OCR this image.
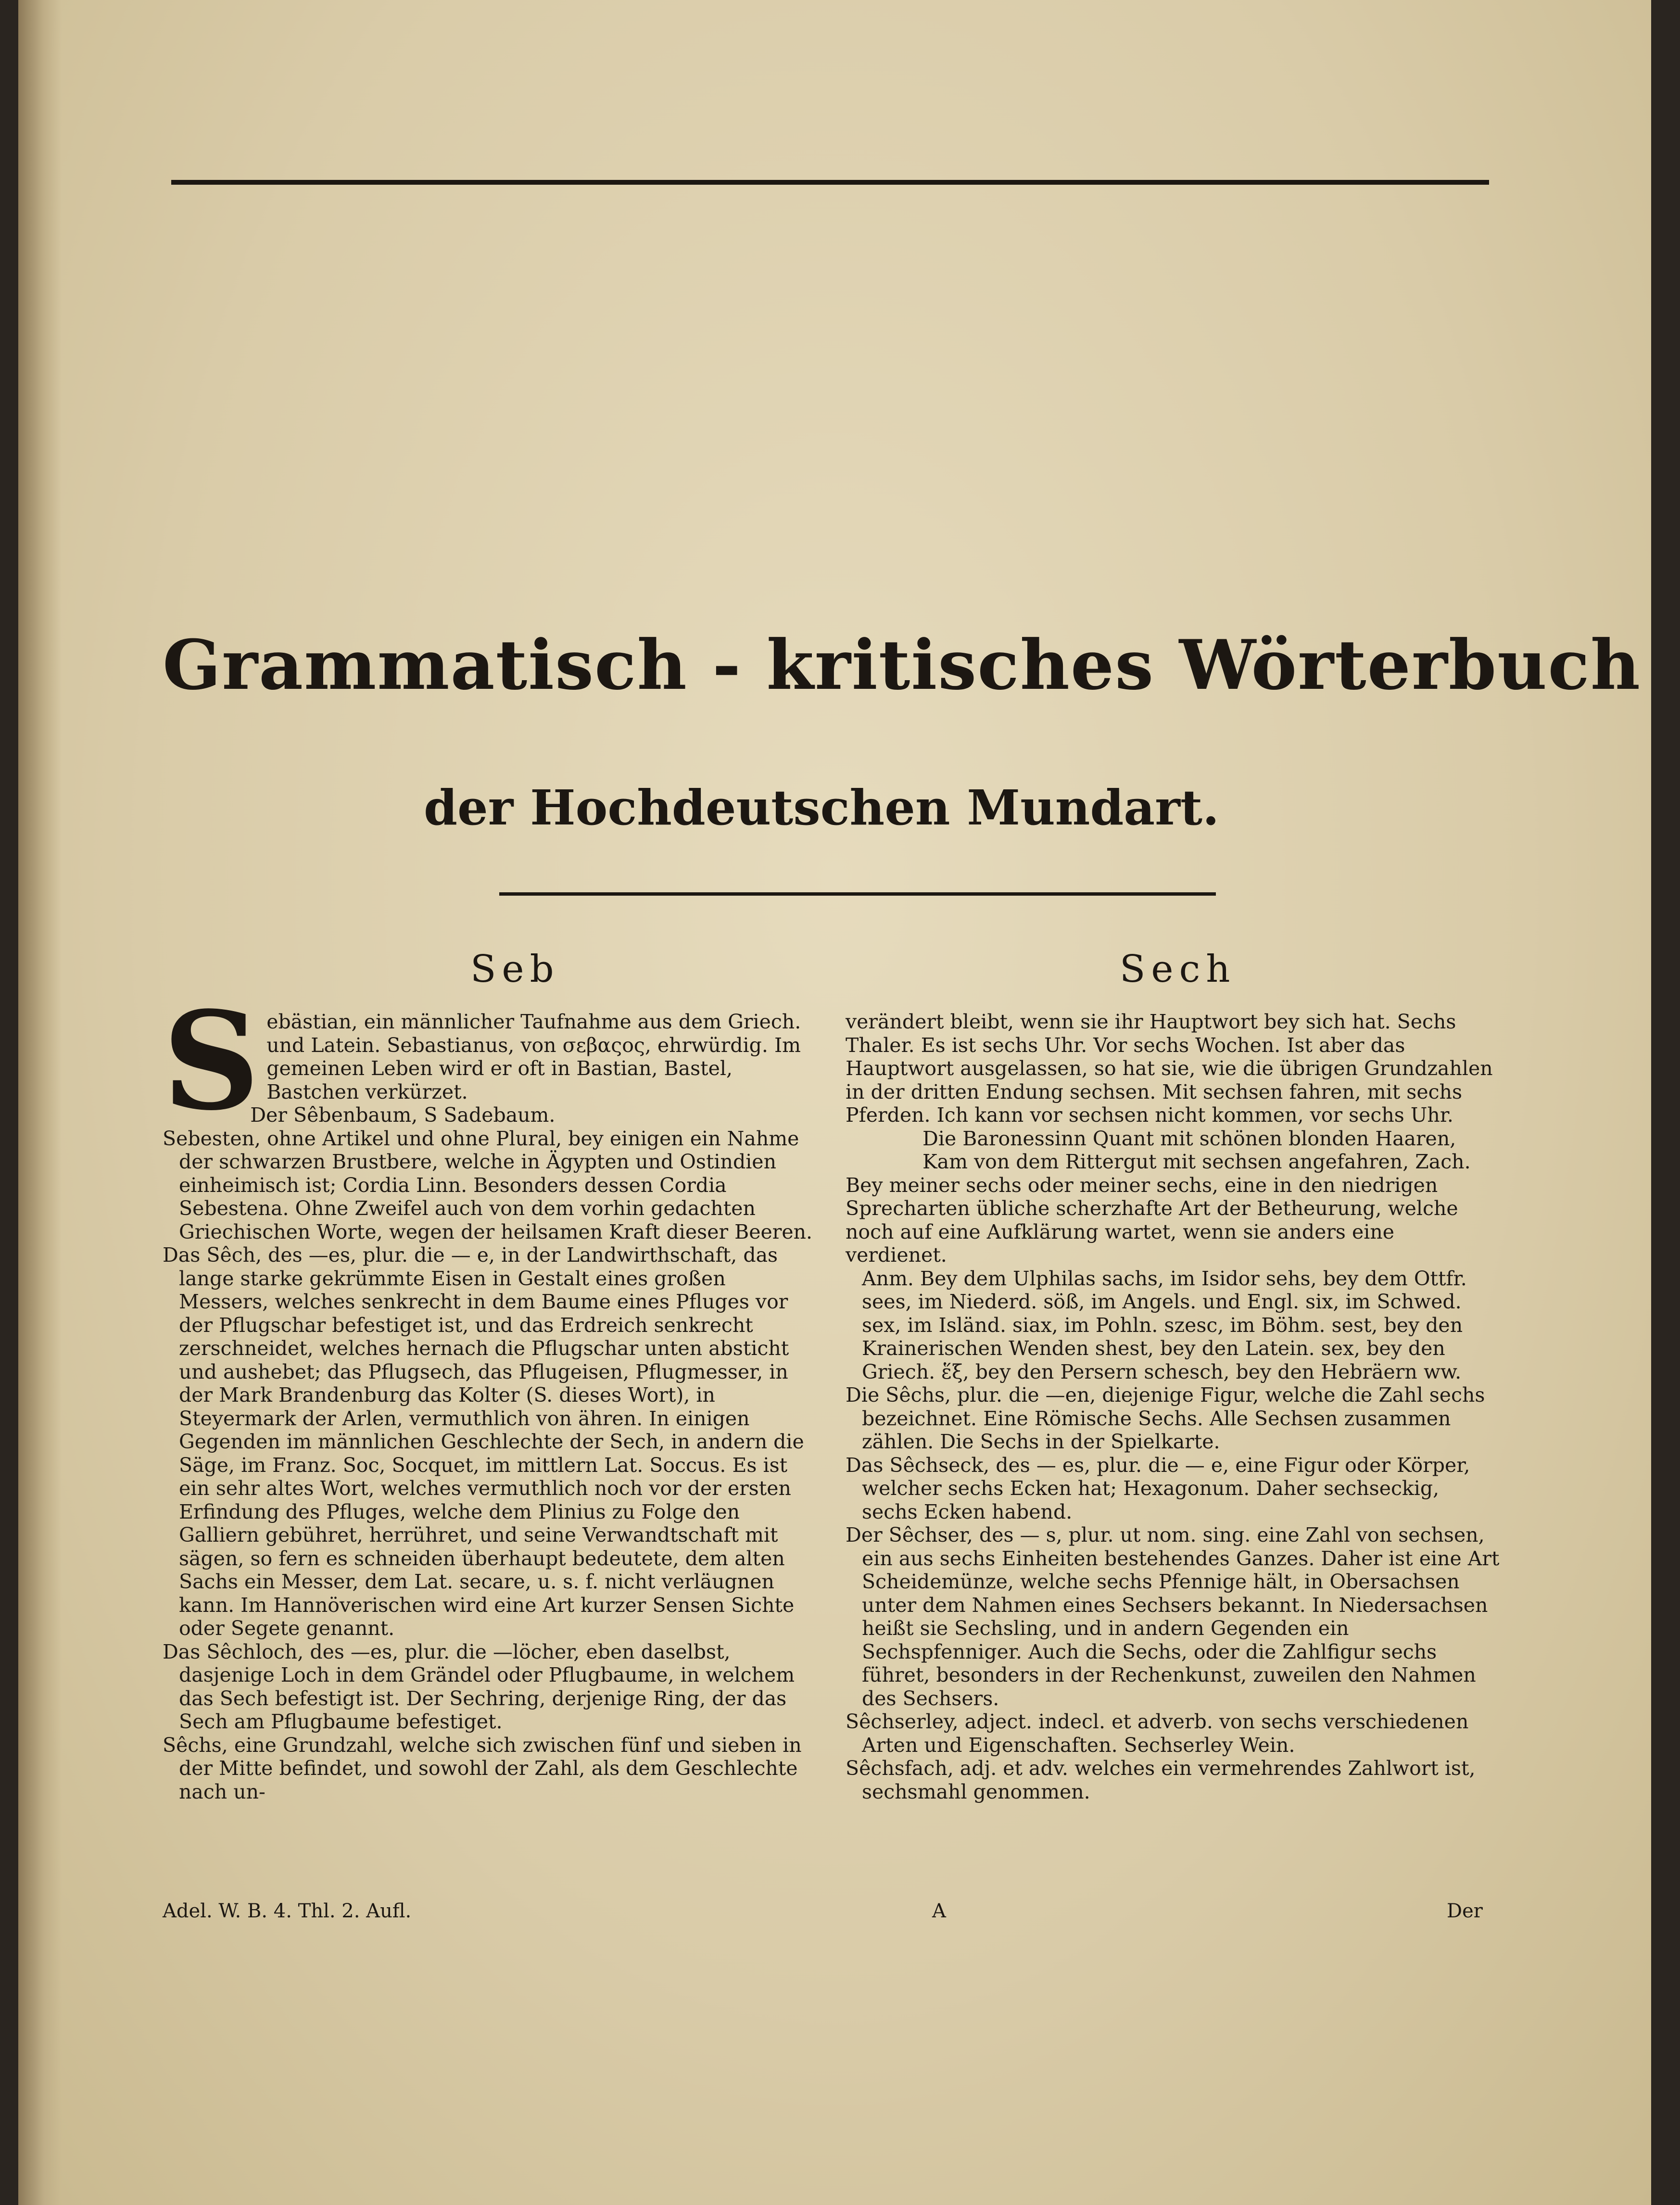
Grammatisch - kritisches Wörterbuch
der Hochdeutschen Mundart.
Seb	Sech

Sebästian, ein männlicher Taufnahme aus dem Griech. und Latein. Sebastianus, von σεβαςος, ehrwürdig. Im gemeinen Leben wird er oft in Bastian, Bastel, Bastchen verkürzet.

Der Sêbenbaum, S Sadebaum.

Sebesten, ohne Artikel und ohne Plural, bey einigen ein Nahme der schwarzen Brustbere, welche in Ägypten und Ostindien einheimisch ist; Cordia Linn. Besonders dessen Cordia Sebestena. Ohne Zweifel auch von dem vorhin gedachten Griechischen Worte, wegen der heilsamen Kraft dieser Beeren.

Das Sêch, des —es, plur. die — e, in der Landwirthschaft, das lange starke gekrümmte Eisen in Gestalt eines großen Messers, welches senkrecht in dem Baume eines Pfluges vor der Pflugschar befestiget ist, und das Erdreich senkrecht zerschneidet, welches hernach die Pflugschar unten absticht und aushebet; das Pflugsech, das Pflugeisen, Pflugmesser, in der Mark Brandenburg das Kolter (S. dieses Wort), in Steyermark der Arlen, vermuthlich von ähren. In einigen Gegenden im männlichen Geschlechte der Sech, in andern die Säge, im Franz. Soc, Socquet, im mittlern Lat. Soccus. Es ist ein sehr altes Wort, welches vermuthlich noch vor der ersten Erfindung des Pfluges, welche dem Plinius zu Folge den Galliern gebühret, herrühret, und seine Verwandtschaft mit sägen, so fern es schneiden überhaupt bedeutete, dem alten Sachs ein Messer, dem Lat. secare, u. s. f. nicht verläugnen kann. Im Hannöverischen wird eine Art kurzer Sensen Sichte oder Segete genannt.

Das Sêchloch, des —es, plur. die —löcher, eben daselbst, dasjenige Loch in dem Grändel oder Pflugbaume, in welchem das Sech befestigt ist. Der Sechring, derjenige Ring, der das Sech am Pflugbaume befestiget.

Sêchs, eine Grundzahl, welche sich zwischen fünf und sieben in der Mitte befindet, und sowohl der Zahl, als dem Geschlechte nach un-

verändert bleibt, wenn sie ihr Hauptwort bey sich hat. Sechs Thaler. Es ist sechs Uhr. Vor sechs Wochen. Ist aber das Hauptwort ausgelassen, so hat sie, wie die übrigen Grundzahlen in der dritten Endung sechsen. Mit sechsen fahren, mit sechs Pferden. Ich kann vor sechsen nicht kommen, vor sechs Uhr.

Die Baronessinn Quant mit schönen blonden Haaren,

Kam von dem Rittergut mit sechsen angefahren, Zach.

Bey meiner sechs oder meiner sechs, eine in den niedrigen Sprecharten übliche scherzhafte Art der Betheurung, welche noch auf eine Aufklärung wartet, wenn sie anders eine verdienet.

Anm. Bey dem Ulphilas sachs, im Isidor sehs, bey dem Ottfr. sees, im Niederd. söß, im Angels. und Engl. six, im Schwed. sex, im Isländ. siax, im Pohln. szesc, im Böhm. sest, bey den Krainerischen Wenden shest, bey den Latein. sex, bey den Griech. ἕξ, bey den Persern schesch, bey den Hebräern ww.

Die Sêchs, plur. die —en, diejenige Figur, welche die Zahl sechs bezeichnet. Eine Römische Sechs. Alle Sechsen zusammen zählen. Die Sechs in der Spielkarte.

Das Sêchseck, des — es, plur. die — e, eine Figur oder Körper, welcher sechs Ecken hat; Hexagonum. Daher sechseckig, sechs Ecken habend.

Der Sêchser, des — s, plur. ut nom. sing. eine Zahl von sechsen, ein aus sechs Einheiten bestehendes Ganzes. Daher ist eine Art Scheidemünze, welche sechs Pfennige hält, in Obersachsen unter dem Nahmen eines Sechsers bekannt. In Niedersachsen heißt sie Sechsling, und in andern Gegenden ein Sechspfenniger. Auch die Sechs, oder die Zahlfigur sechs führet, besonders in der Rechenkunst, zuweilen den Nahmen des Sechsers.

Sêchserley, adject. indecl. et adverb. von sechs verschiedenen Arten und Eigenschaften. Sechserley Wein.

Sêchsfach, adj. et adv. welches ein vermehrendes Zahlwort ist, sechsmahl genommen.

Adel. W. B. 4. Thl. 2. Aufl.	A	Der
